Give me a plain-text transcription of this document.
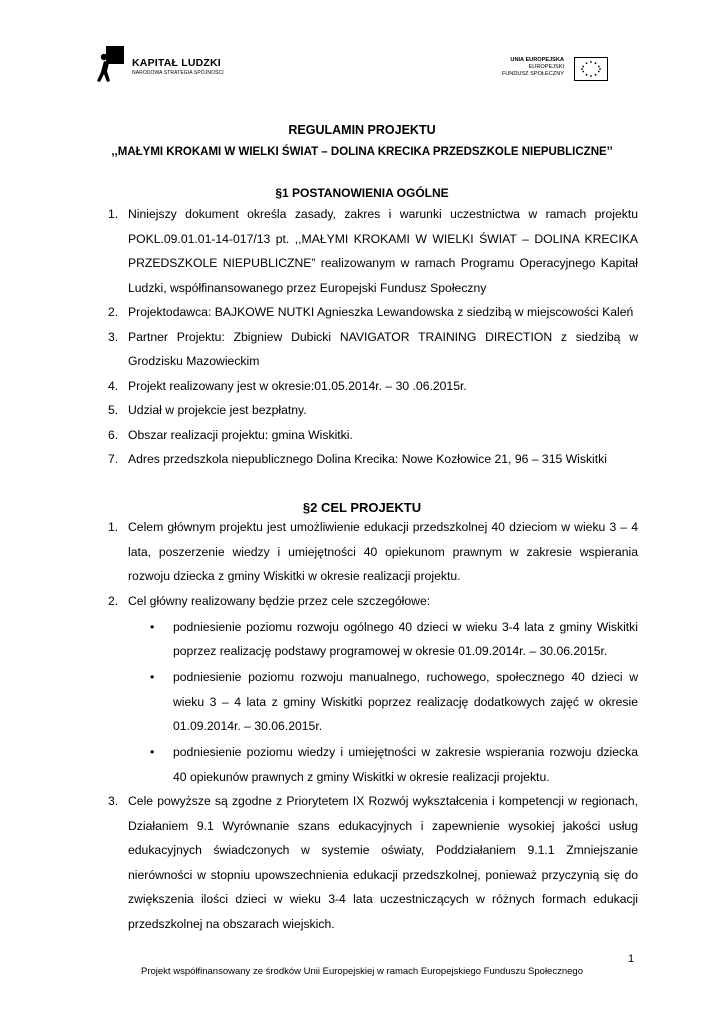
KAPITAŁ LUDZKI
NARODOWA STRATEGIA SPÓJNOŚCI
UNIA EUROPEJSKA
EUROPEJSKI
FUNDUSZ SPOŁECZNY
REGULAMIN PROJEKTU
,,MAŁYMI KROKAMI W WIELKI ŚWIAT – DOLINA KRECIKA PRZEDSZKOLE NIEPUBLICZNE’’
§1 POSTANOWIENIA OGÓLNE
1. Niniejszy dokument określa zasady, zakres i warunki uczestnictwa w ramach projektu POKL.09.01.01-14-017/13 pt. ,,MAŁYMI KROKAMI W WIELKI ŚWIAT – DOLINA KRECIKA PRZEDSZKOLE NIEPUBLICZNE” realizowanym w ramach Programu Operacyjnego Kapitał Ludzki, współfinansowanego przez Europejski Fundusz Społeczny
2. Projektodawca: BAJKOWE NUTKI Agnieszka Lewandowska z siedzibą w miejscowości Kaleń
3. Partner Projektu: Zbigniew Dubicki NAVIGATOR TRAINING DIRECTION z siedzibą w Grodzisku Mazowieckim
4. Projekt realizowany jest w okresie:01.05.2014r. – 30 .06.2015r.
5. Udział w projekcie jest bezpłatny.
6. Obszar realizacji projektu: gmina Wiskitki.
7. Adres przedszkola niepublicznego Dolina Krecika: Nowe Kozłowice 21, 96 – 315 Wiskitki
§2 CEL PROJEKTU
1. Celem głównym projektu jest umożliwienie edukacji przedszkolnej 40 dzieciom w wieku 3 – 4 lata, poszerzenie wiedzy i umiejętności 40 opiekunom prawnym w zakresie wspierania rozwoju dziecka z gminy Wiskitki w okresie realizacji projektu.
2. Cel główny realizowany będzie przez cele szczegółowe:
• podniesienie poziomu rozwoju ogólnego 40 dzieci w wieku 3-4 lata z gminy Wiskitki poprzez realizację podstawy programowej w okresie 01.09.2014r. – 30.06.2015r.
• podniesienie poziomu rozwoju manualnego, ruchowego, społecznego 40 dzieci w wieku 3 – 4 lata z gminy Wiskitki poprzez realizację dodatkowych zajęć w okresie 01.09.2014r. – 30.06.2015r.
• podniesienie poziomu wiedzy i umiejętności w zakresie wspierania rozwoju dziecka 40 opiekunów prawnych z gminy Wiskitki w okresie realizacji projektu.
3. Cele powyższe są zgodne z Priorytetem IX Rozwój wykształcenia i kompetencji w regionach, Działaniem 9.1 Wyrównanie szans edukacyjnych i zapewnienie wysokiej jakości usług edukacyjnych świadczonych w systemie oświaty, Poddziałaniem 9.1.1 Zmniejszanie nierówności w stopniu upowszechnienia edukacji przedszkolnej, ponieważ przyczynią się do zwiększenia ilości dzieci w wieku 3-4 lata uczestniczących w różnych formach edukacji przedszkolnej na obszarach wiejskich.
1
Projekt współfinansowany ze środków Unii Europejskiej w ramach Europejskiego Funduszu Społecznego
